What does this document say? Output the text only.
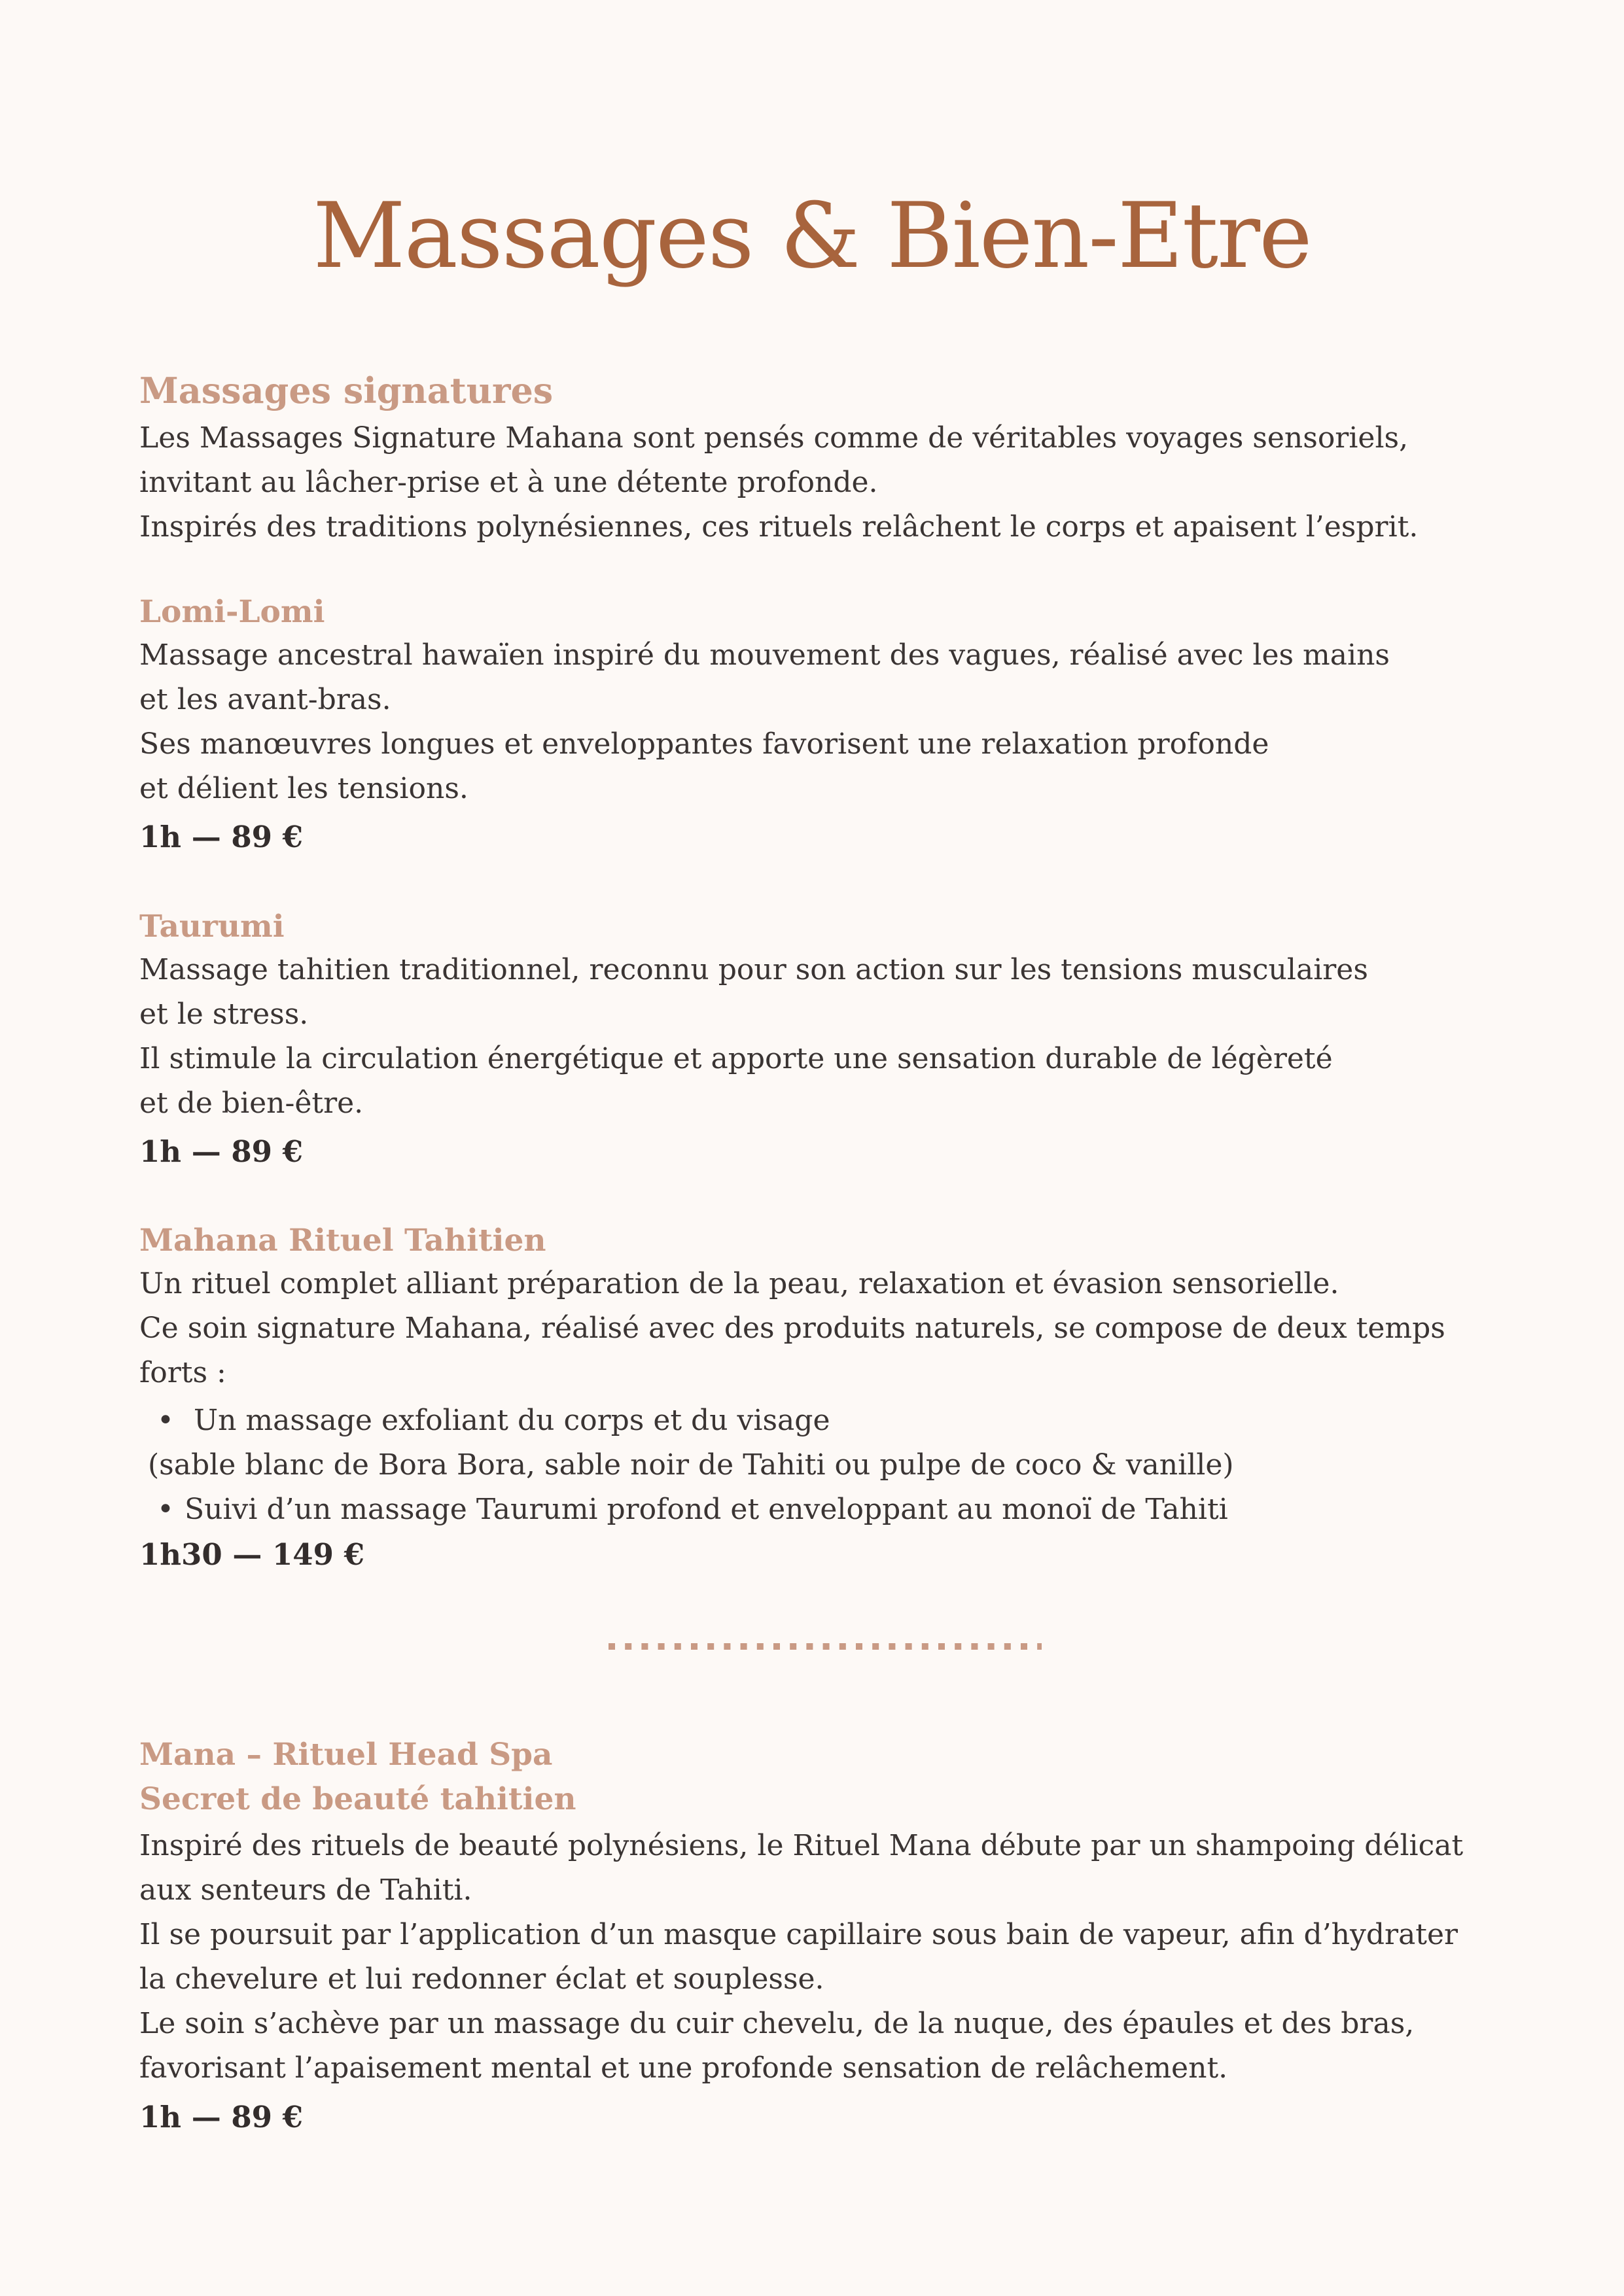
Massages & Bien-Etre
Massages signatures
Les Massages Signature Mahana sont pensés comme de véritables voyages sensoriels,
invitant au lâcher-prise et à une détente profonde.
Inspirés des traditions polynésiennes, ces rituels relâchent le corps et apaisent l’esprit.
Lomi-Lomi
Massage ancestral hawaïen inspiré du mouvement des vagues, réalisé avec les mains
et les avant-bras.
Ses manœuvres longues et enveloppantes favorisent une relaxation profonde
et délient les tensions.
1h — 89 €
Taurumi
Massage tahitien traditionnel, reconnu pour son action sur les tensions musculaires
et le stress.
Il stimule la circulation énergétique et apporte une sensation durable de légèreté
et de bien-être.
1h — 89 €
Mahana Rituel Tahitien
Un rituel complet alliant préparation de la peau, relaxation et évasion sensorielle.
Ce soin signature Mahana, réalisé avec des produits naturels, se compose de deux temps
forts :
• Un massage exfoliant du corps et du visage
(sable blanc de Bora Bora, sable noir de Tahiti ou pulpe de coco & vanille)
• Suivi d’un massage Taurumi profond et enveloppant au monoï de Tahiti
1h30 — 149 €
Mana – Rituel Head Spa
Secret de beauté tahitien
Inspiré des rituels de beauté polynésiens, le Rituel Mana débute par un shampoing délicat
aux senteurs de Tahiti.
Il se poursuit par l’application d’un masque capillaire sous bain de vapeur, afin d’hydrater
la chevelure et lui redonner éclat et souplesse.
Le soin s’achève par un massage du cuir chevelu, de la nuque, des épaules et des bras,
favorisant l’apaisement mental et une profonde sensation de relâchement.
1h — 89 €
